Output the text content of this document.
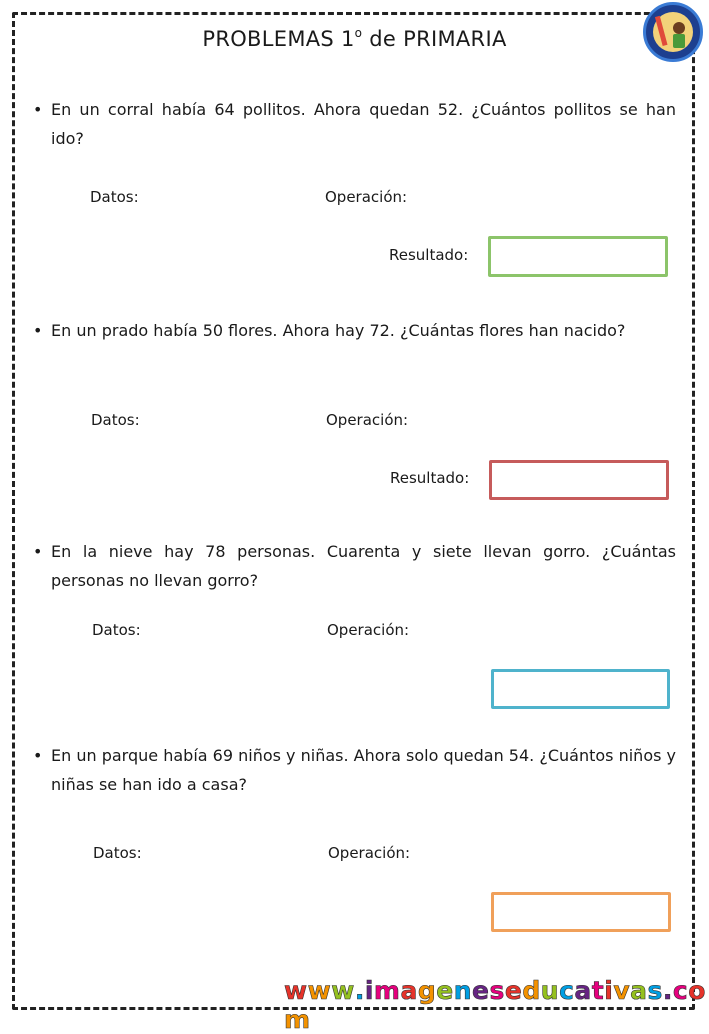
PROBLEMAS 1$^o$ de PRIMARIA
• En un corral había 64 pollitos. Ahora quedan 52. ¿Cuántos pollitos se han ido?
Datos:	Operación:
Resultado:
• En un prado había 50 flores. Ahora hay 72. ¿Cuántas flores han nacido?
Datos:	Operación:
Resultado:
• En la nieve hay 78 personas. Cuarenta y siete llevan gorro. ¿Cuántas personas no llevan gorro?
Datos:	Operación:
• En un parque había 69 niños y niñas. Ahora solo quedan 54. ¿Cuántos niños y niñas se han ido a casa?
Datos:	Operación:
www.imageneseducativas.com
